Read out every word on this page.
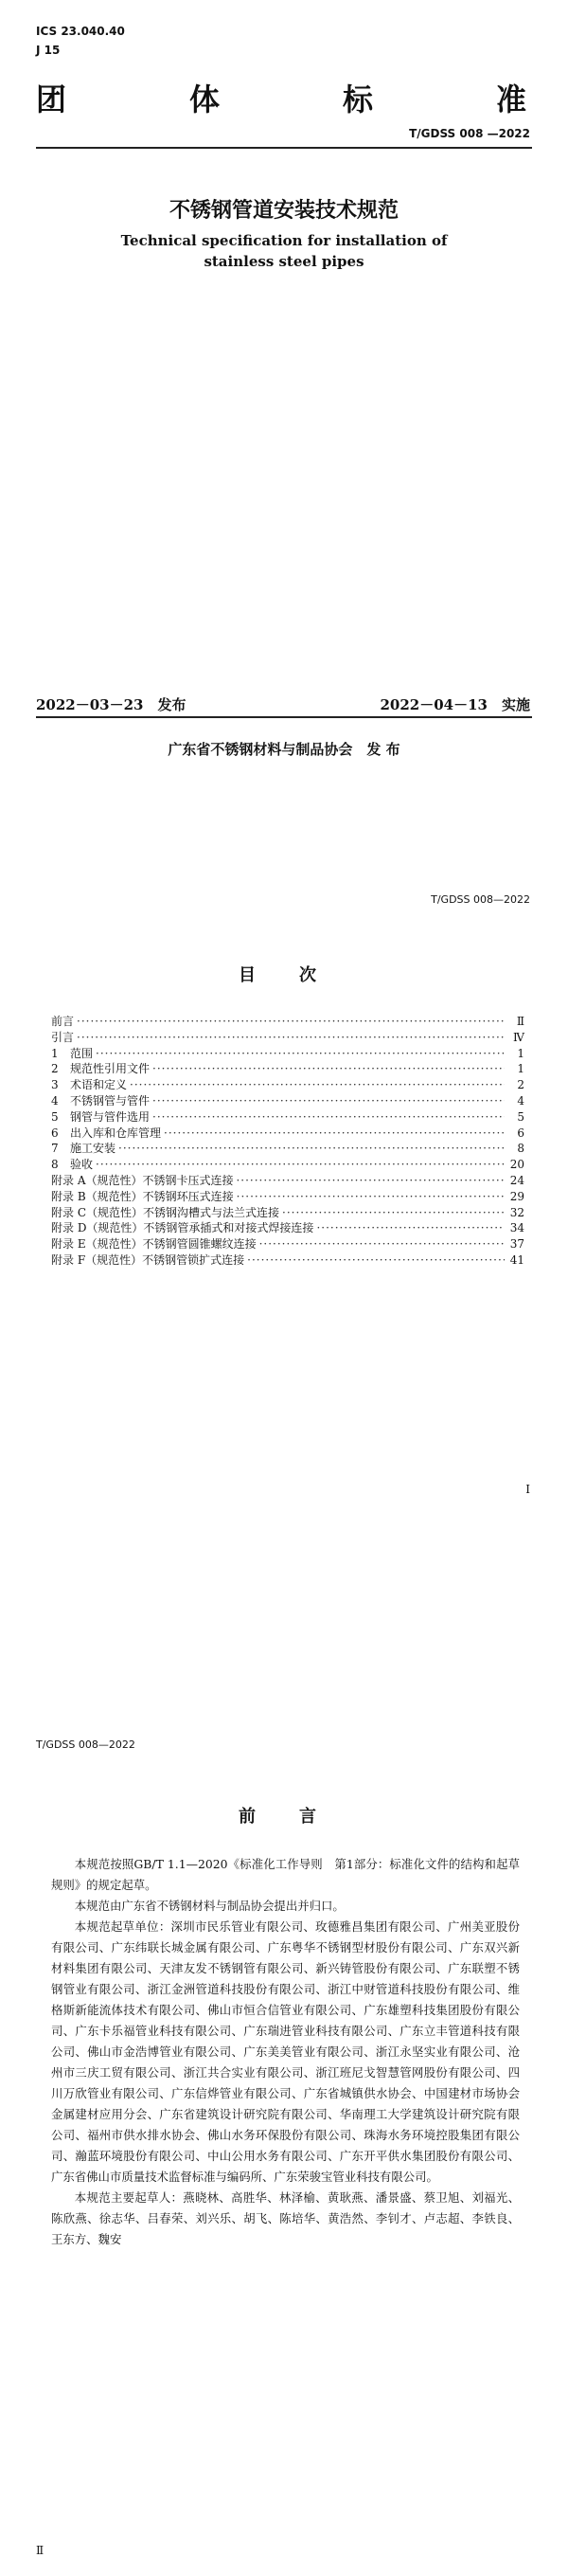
ICS 23.040.40
J 15
团	体	标	准
T/GDSS 008 —2022
不锈钢管道安装技术规范
Technical specification for installation of
stainless steel pipes
2022－03－23　发布	2022－04－13　实施
广东省不锈钢材料与制品协会　发 布
T/GDSS 008—2022
目　次
前言 ·····	Ⅱ
引言 ·····	Ⅳ
1	范围 ·····	1
2	规范性引用文件 ·····	1
3	术语和定义 ·····	2
4	不锈钢管与管件 ·····	4
5	钢管与管件选用 ·····	5
6	出入库和仓库管理 ·····	6
7	施工安装 ·····	8
8	验收 ·····	20
附录 A（规范性）不锈钢卡压式连接 ·····	24
附录 B（规范性）不锈钢环压式连接 ·····	29
附录 C（规范性）不锈钢沟槽式与法兰式连接 ·····	32
附录 D（规范性）不锈钢管承插式和对接式焊接连接 ·····	34
附录 E（规范性）不锈钢管圆锥螺纹连接 ·····	37
附录 F（规范性）不锈钢管锁扩式连接 ·····	41
I
T/GDSS 008—2022
前　言

本规范按照GB/T 1.1—2020《标准化工作导则　第1部分：标准化文件的结构和起草规则》的规定起草。

本规范由广东省不锈钢材料与制品协会提出并归口。

本规范起草单位：深圳市民乐管业有限公司、玫德雅昌集团有限公司、广州美亚股份有限公司、广东纬联长城金属有限公司、广东粤华不锈钢型材股份有限公司、广东双兴新材料集团有限公司、天津友发不锈钢管有限公司、新兴铸管股份有限公司、广东联塑不锈钢管业有限公司、浙江金洲管道科技股份有限公司、浙江中财管道科技股份有限公司、维格斯新能流体技术有限公司、佛山市恒合信管业有限公司、广东雄塑科技集团股份有限公司、广东卡乐福管业科技有限公司、广东瑞进管业科技有限公司、广东立丰管道科技有限公司、佛山市金浩博管业有限公司、广东美美管业有限公司、浙江永坚实业有限公司、沧州市三庆工贸有限公司、浙江共合实业有限公司、浙江班尼戈智慧管网股份有限公司、四川万欣管业有限公司、广东信烨管业有限公司、广东省城镇供水协会、中国建材市场协会金属建材应用分会、广东省建筑设计研究院有限公司、华南理工大学建筑设计研究院有限公司、福州市供水排水协会、佛山水务环保股份有限公司、珠海水务环境控股集团有限公司、瀚蓝环境股份有限公司、中山公用水务有限公司、广东开平供水集团股份有限公司、广东省佛山市质量技术监督标准与编码所、广东荣骏宝管业科技有限公司。

本规范主要起草人：燕晓林、高胜华、林泽榆、黄耿燕、潘景盛、蔡卫旭、刘福光、陈欣燕、徐志华、吕春荣、刘兴乐、胡飞、陈培华、黄浩然、李钊才、卢志超、李铁良、王东方、魏安

Ⅱ
